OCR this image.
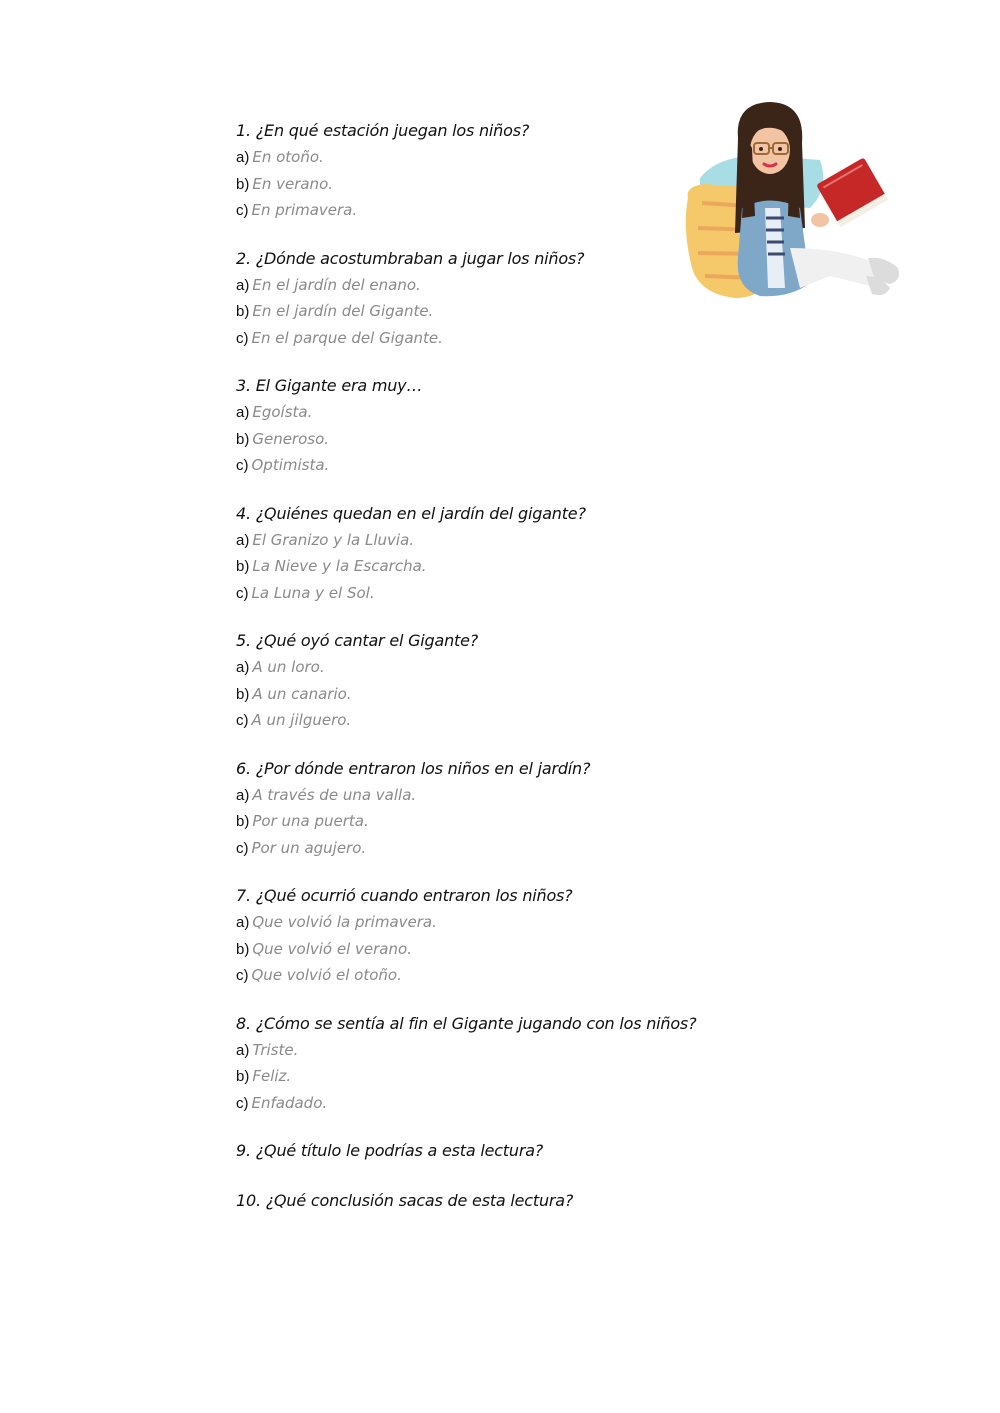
1. ¿En qué estación juegan los niños?
a) En otoño.
b) En verano.
c) En primavera.
2. ¿Dónde acostumbraban a jugar los niños?
a) En el jardín del enano.
b) En el jardín del Gigante.
c) En el parque del Gigante.
3. El Gigante era muy…
a) Egoísta.
b) Generoso.
c) Optimista.
4. ¿Quiénes quedan en el jardín del gigante?
a) El Granizo y la Lluvia.
b) La Nieve y la Escarcha.
c) La Luna y el Sol.
5. ¿Qué oyó cantar el Gigante?
a) A un loro.
b) A un canario.
c) A un jilguero.
6. ¿Por dónde entraron los niños en el jardín?
a) A través de una valla.
b) Por una puerta.
c) Por un agujero.
7. ¿Qué ocurrió cuando entraron los niños?
a) Que volvió la primavera.
b) Que volvió el verano.
c) Que volvió el otoño.
8. ¿Cómo se sentía al fin el Gigante jugando con los niños?
a) Triste.
b) Feliz.
c) Enfadado.
9. ¿Qué título le podrías a esta lectura?
10. ¿Qué conclusión sacas de esta lectura?
